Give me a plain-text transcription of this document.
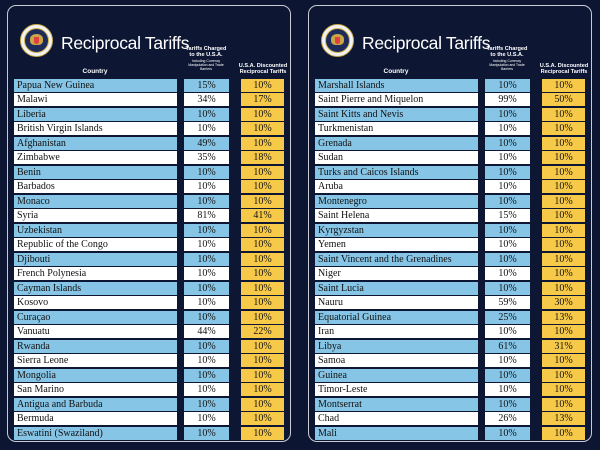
Reciprocal Tariffs
Tariffs Charged to the U.S.A.
Including Currency Manipulation and Trade Barriers	U.S.A. Discounted Reciprocal Tariffs
Country
Papua New Guinea	15%	10%
Malawi	34%	17%
Liberia	10%	10%
British Virgin Islands	10%	10%
Afghanistan	49%	10%
Zimbabwe	35%	18%
Benin	10%	10%
Barbados	10%	10%
Monaco	10%	10%
Syria	81%	41%
Uzbekistan	10%	10%
Republic of the Congo	10%	10%
Djibouti	10%	10%
French Polynesia	10%	10%
Cayman Islands	10%	10%
Kosovo	10%	10%
Curaçao	10%	10%
Vanuatu	44%	22%
Rwanda	10%	10%
Sierra Leone	10%	10%
Mongolia	10%	10%
San Marino	10%	10%
Antigua and Barbuda	10%	10%
Bermuda	10%	10%
Eswatini (Swaziland)	10%	10%
Reciprocal Tariffs
Tariffs Charged to the U.S.A.
Including Currency Manipulation and Trade Barriers	U.S.A. Discounted Reciprocal Tariffs
Country
Marshall Islands	10%	10%
Saint Pierre and Miquelon	99%	50%
Saint Kitts and Nevis	10%	10%
Turkmenistan	10%	10%
Grenada	10%	10%
Sudan	10%	10%
Turks and Caicos Islands	10%	10%
Aruba	10%	10%
Montenegro	10%	10%
Saint Helena	15%	10%
Kyrgyzstan	10%	10%
Yemen	10%	10%
Saint Vincent and the Grenadines	10%	10%
Niger	10%	10%
Saint Lucia	10%	10%
Nauru	59%	30%
Equatorial Guinea	25%	13%
Iran	10%	10%
Libya	61%	31%
Samoa	10%	10%
Guinea	10%	10%
Timor-Leste	10%	10%
Montserrat	10%	10%
Chad	26%	13%
Mali	10%	10%
